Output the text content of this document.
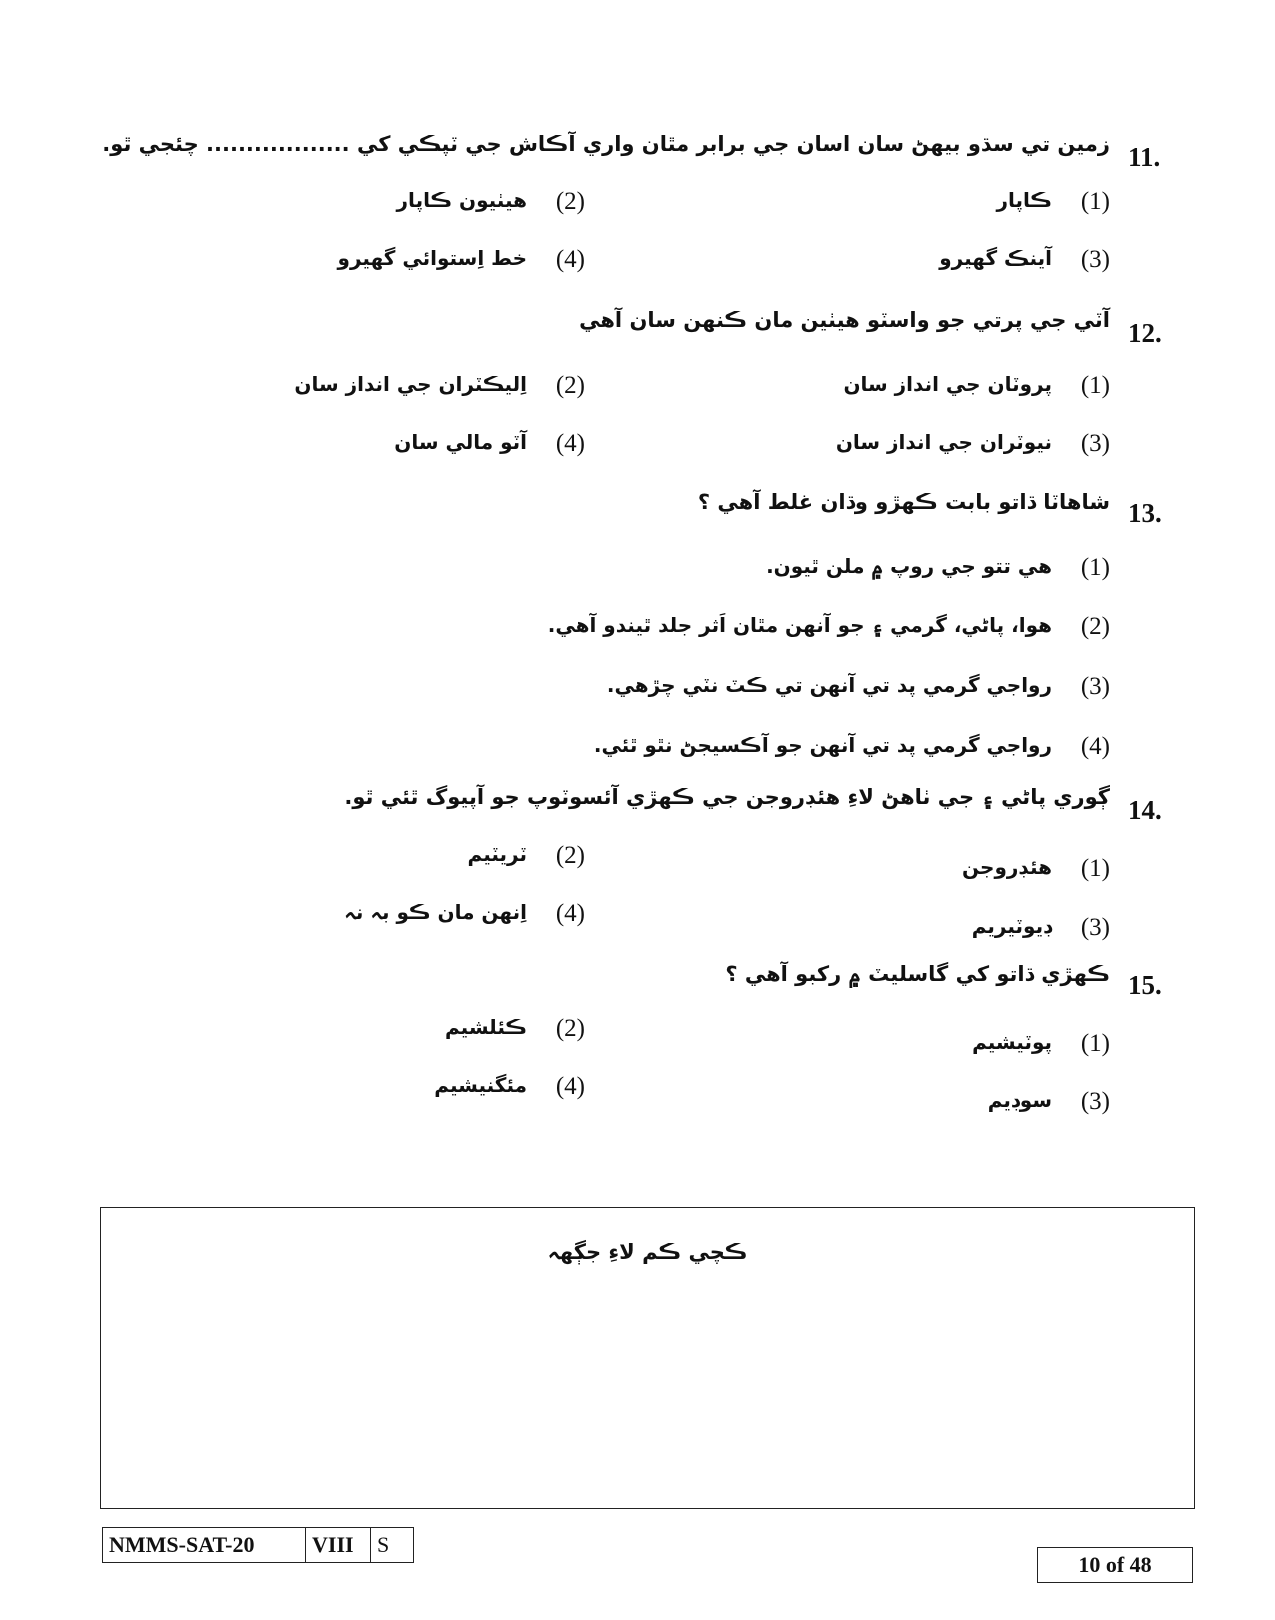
11.
زمين تي سڌو بيهڻ سان اسان جي برابر مٿان واري آڪاش جي ٽپڪي کي .................. چئجي ٿو.
(1)
ڪاپار
(2)
هيٺيون ڪاپار
(3)
آينڪ گهيرو
(4)
خط اِستوائي گهيرو
12.
آٽي جي پرتي جو واسٽو هيٺين مان ڪنهن سان آهي
(1)
پروٽان جي انداز سان
(2)
اِليڪٽران جي انداز سان
(3)
نيوٽران جي انداز سان
(4)
آٽو مالي سان
13.
شاهاٽا ڌاتو بابت ڪهڙو وڌان غلط آهي ؟
(1)
هي تتو جي روپ ۾ ملن ٿيون.
(2)
هوا، پاڻي، گرمي ۽ جو آنهن مٿان اَثر جلد ٿيندو آهي.
(3)
رواجي گرمي پد تي آنهن تي ڪٽ نٽي چڙهي.
(4)
رواجي گرمي پد تي آنهن جو آڪسيجڻ نٿو ٿئي.
14.
ڳوري پاڻي ۽ جي ٺاهڻ لاءِ هئڊروجن جي ڪهڙي آئسوٽوپ جو آپيوگ ٿئي ٿو.
(1)
هئڊروجن
(2)
ٽريٽيم
(3)
ڊيوٽيريم
(4)
اِنهن مان ڪو بہ نہ
15.
ڪهڙي ڌاتو کي گاسليٽ ۾ رکبو آهي ؟
(1)
پوٽيشيم
(2)
ڪئلشيم
(3)
سوڊيم
(4)
مئگنيشيم
ڪچي ڪم لاءِ جڳهہ
NMMS-SAT-20	VIII	S
10 of 48
